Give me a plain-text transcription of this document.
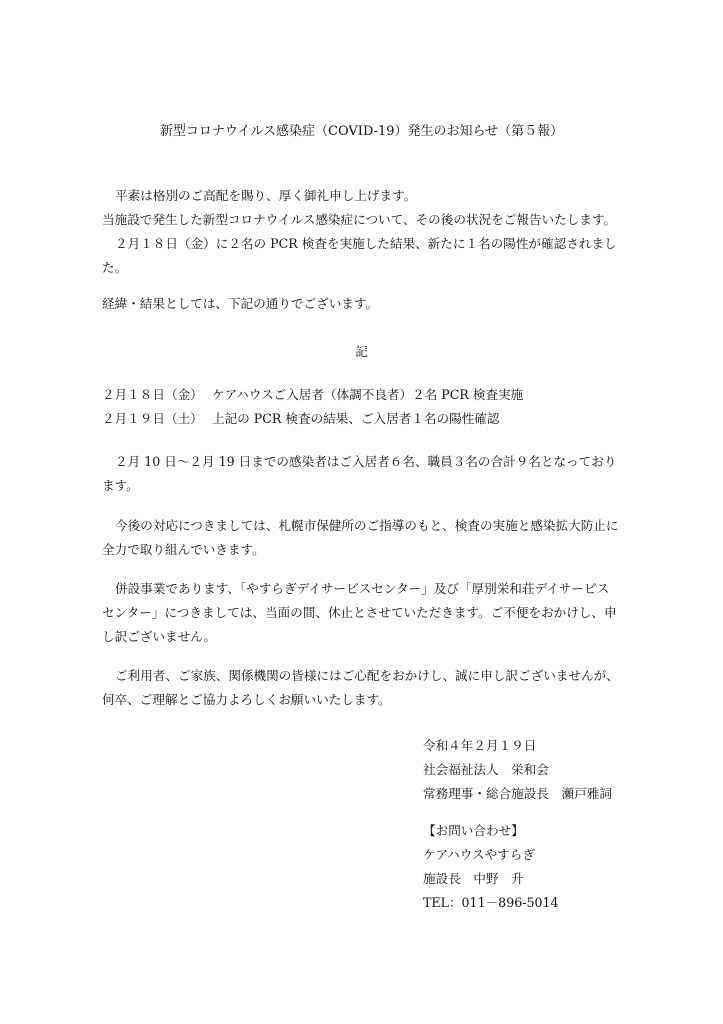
新型コロナウイルス感染症（COVID-19）発生のお知らせ（第５報）
平素は格別のご高配を賜り、厚く御礼申し上げます。
当施設で発生した新型コロナウイルス感染症について、その後の状況をご報告いたします。
２月１８日（金）に２名の PCR 検査を実施した結果、新たに１名の陽性が確認されまし
た。
経緯・結果としては、下記の通りでございます。
記
２月１８日（金） ケアハウスご入居者（体調不良者）２名 PCR 検査実施
２月１９日（土） 上記の PCR 検査の結果、ご入居者１名の陽性確認
２月 10 日〜２月 19 日までの感染者はご入居者６名、職員３名の合計９名となっており
ます。
今後の対応につきましては、札幌市保健所のご指導のもと、検査の実施と感染拡大防止に
全力で取り組んでいきます。
併設事業であります、「やすらぎデイサービスセンター」及び「厚別栄和荘デイサービス
センター」につきましては、当面の間、休止とさせていただきます。ご不便をおかけし、申
し訳ございません。
ご利用者、ご家族、関係機関の皆様にはご心配をおかけし、誠に申し訳ございませんが、
何卒、ご理解とご協力よろしくお願いいたします。
令和４年２月１９日
社会福祉法人　栄和会
常務理事・総合施設長　瀬戸雅詞
【お問い合わせ】
ケアハウスやすらぎ
施設長　中野　升
TEL：011－896-5014
